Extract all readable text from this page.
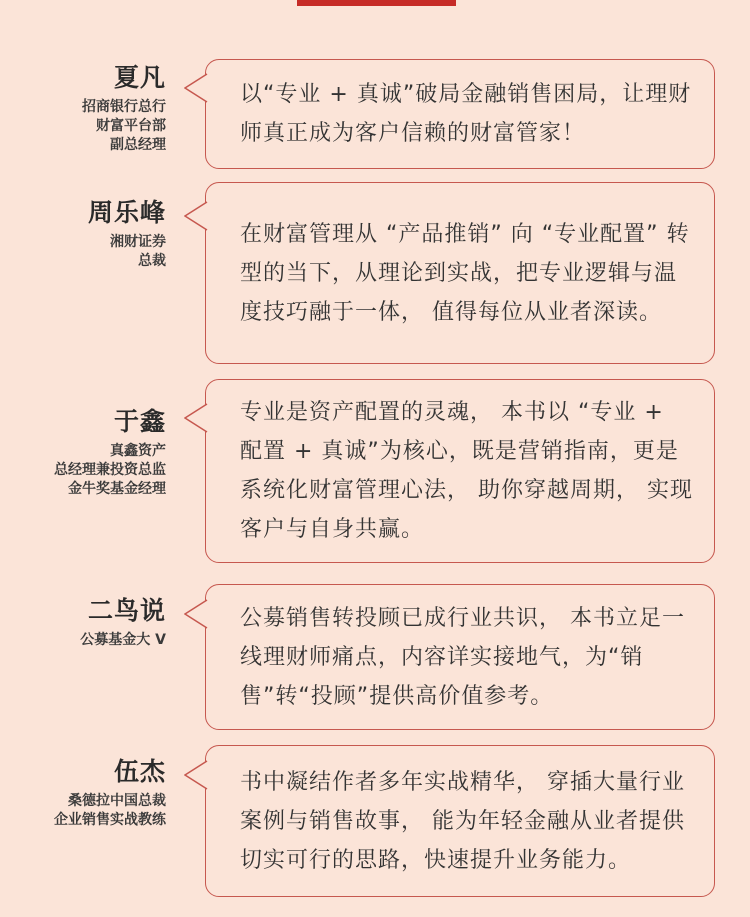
夏凡
招商银行总行
财富平台部
副总经理
以“专业 + 真诚”破局金融销售困局，让理财师真正成为客户信赖的财富管家！
周乐峰
湘财证券
总裁
在财富管理从 “产品推销” 向 “专业配置” 转型的当下，从理论到实战，把专业逻辑与温度技巧融于一体， 值得每位从业者深读。
于鑫
真鑫资产
总经理兼投资总监
金牛奖基金经理
专业是资产配置的灵魂， 本书以 “专业 + 配置 + 真诚”为核心，既是营销指南，更是系统化财富管理心法， 助你穿越周期， 实现客户与自身共赢。
二鸟说
公募基金大 V
公募销售转投顾已成行业共识， 本书立足一线理财师痛点，内容详实接地气，为“销售”转“投顾”提供高价值参考。
伍杰
桑德拉中国总裁
企业销售实战教练
书中凝结作者多年实战精华， 穿插大量行业案例与销售故事， 能为年轻金融从业者提供切实可行的思路，快速提升业务能力。
